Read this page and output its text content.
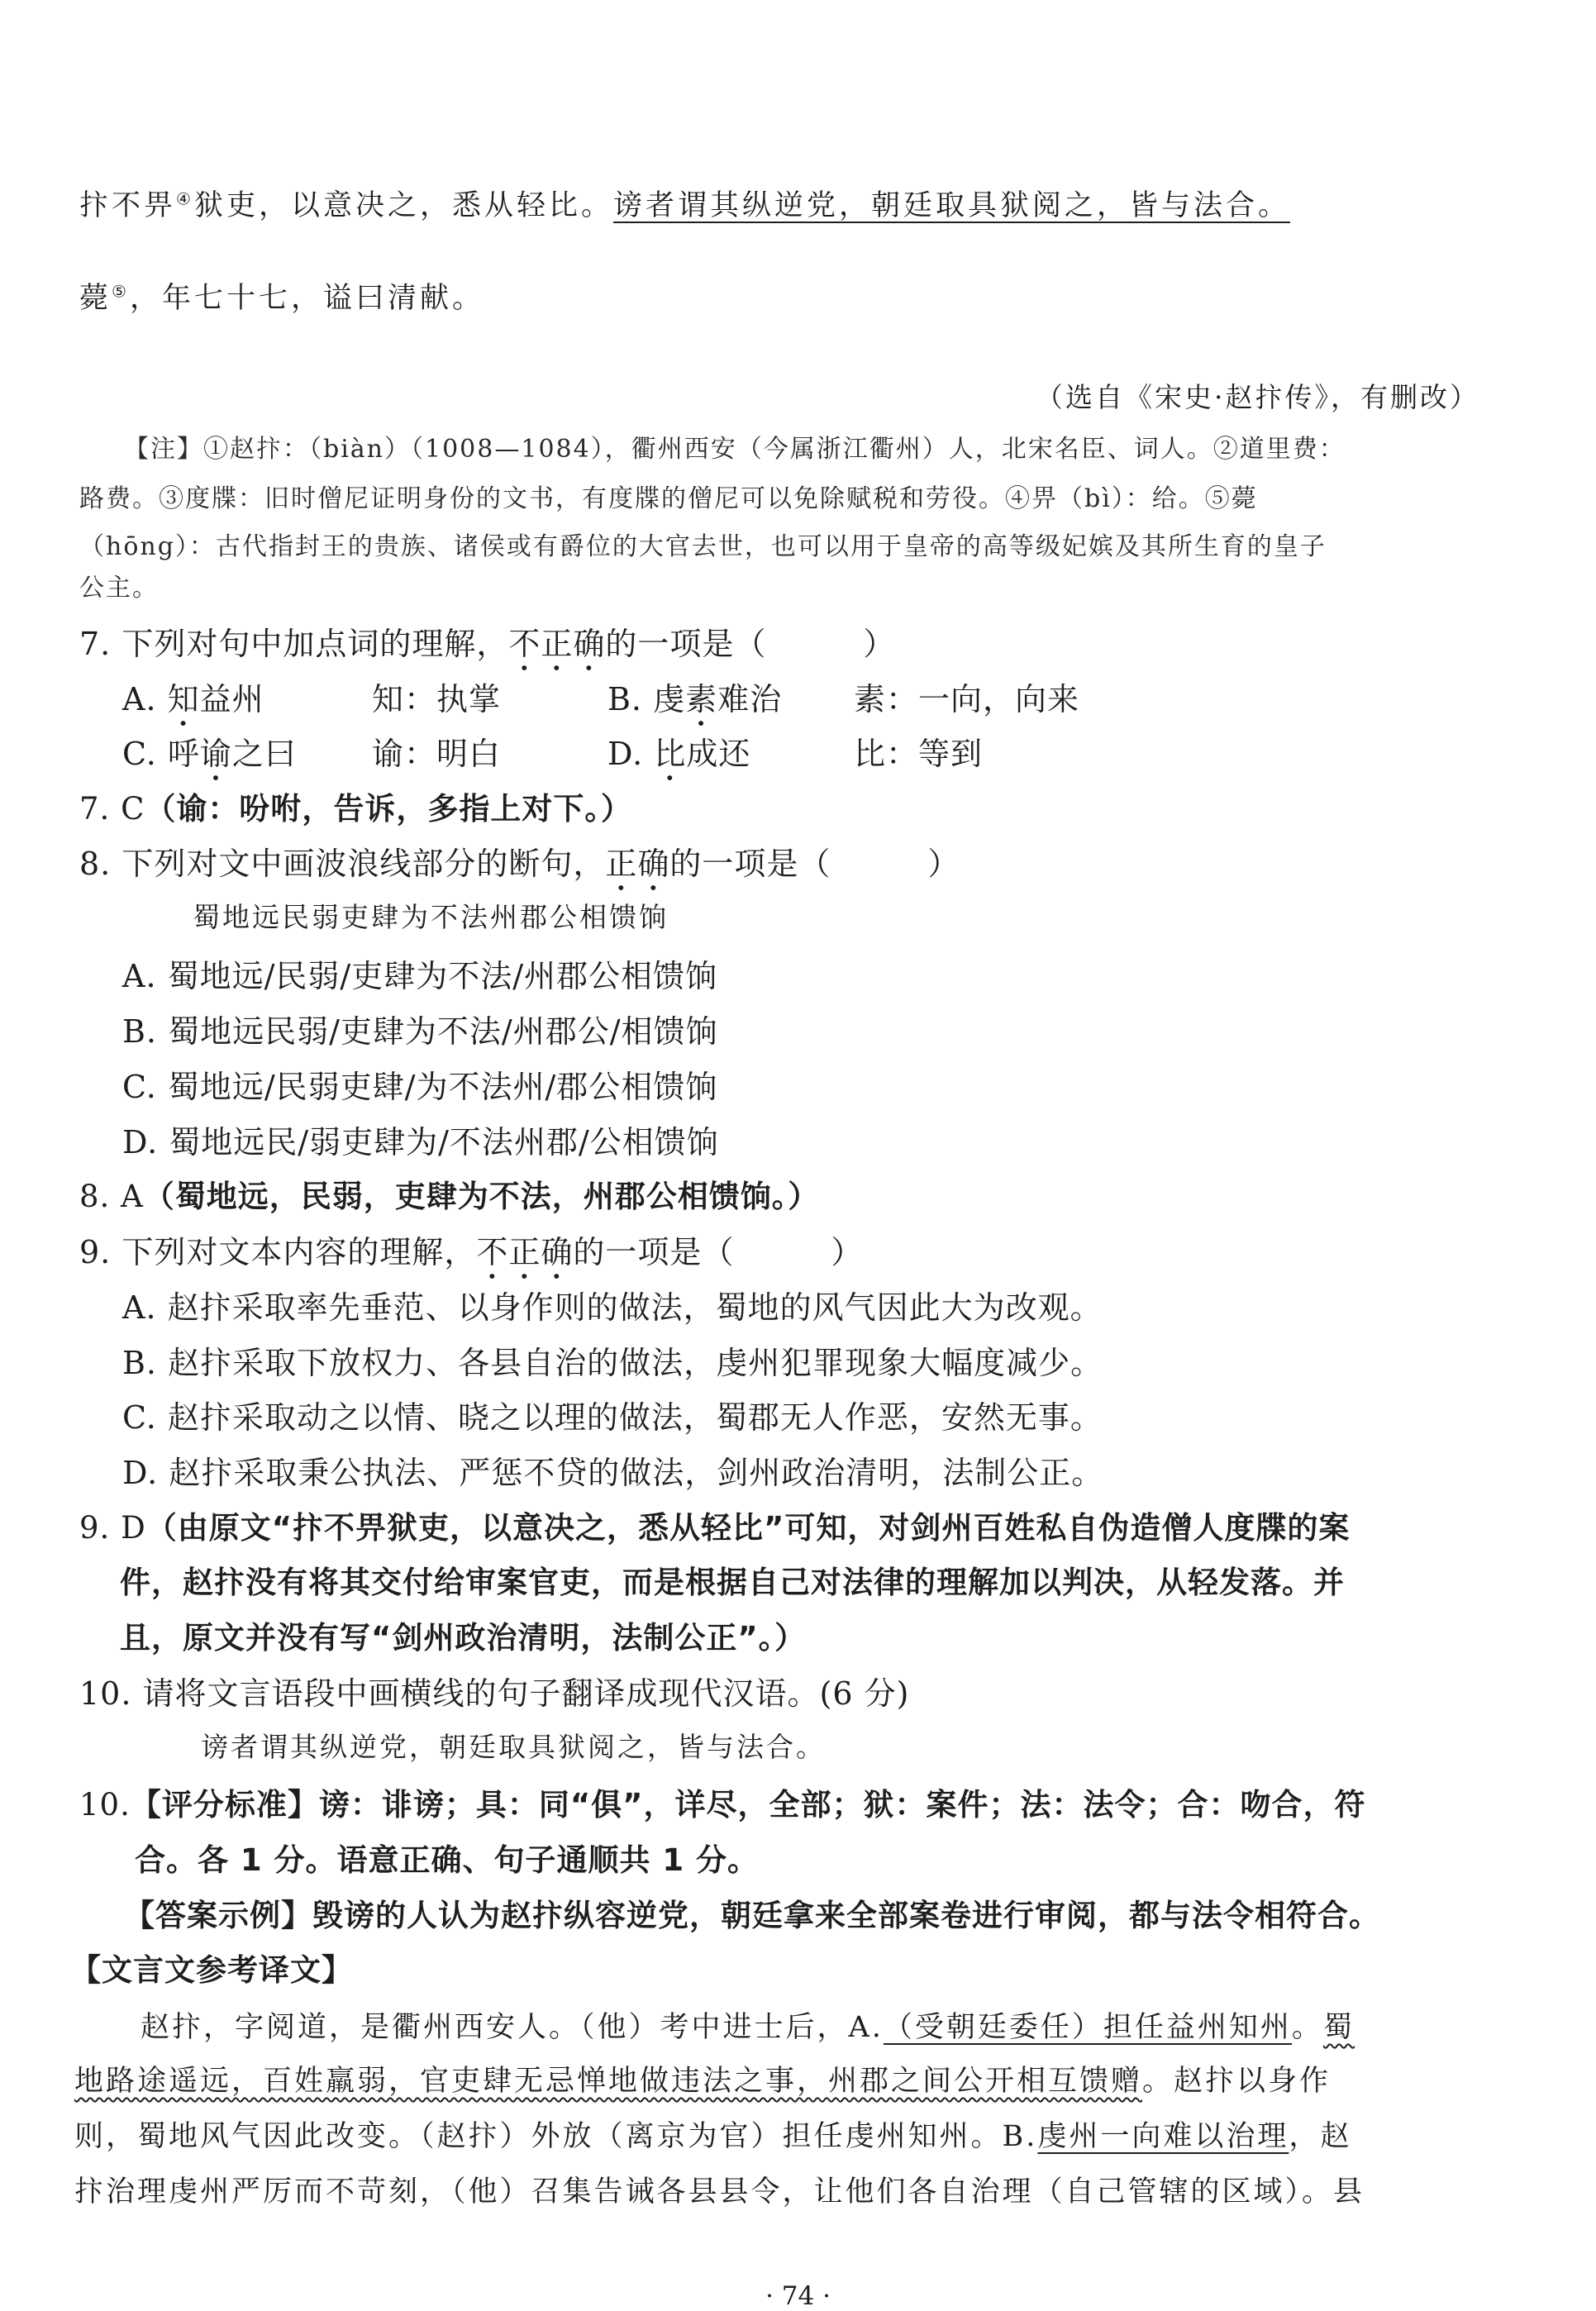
抃不畀④狱吏，以意决之，悉从轻比。谤者谓其纵逆党，朝廷取具狱阅之，皆与法合。
薨⑤，年七十七，谥曰清献。
（选自《宋史·赵抃传》，有删改）
【注】①赵抃：（biàn）（1008—1084），衢州西安（今属浙江衢州）人，北宋名臣、词人。②道里费：
路费。③度牒：旧时僧尼证明身份的文书，有度牒的僧尼可以免除赋税和劳役。④畀（bì）：给。⑤薨
（hōng）：古代指封王的贵族、诸侯或有爵位的大官去世，也可以用于皇帝的高等级妃嫔及其所生育的皇子
公主。
7. 下列对句中加点词的理解，不正确的一项是（　　　）
A. 知益州	知：执掌	B. 虔素难治 素：一向，向来
C. 呼谕之曰 谕：明白	D. 比成还	比：等到
7. C（谕：吩咐，告诉，多指上对下。）
8. 下列对文中画波浪线部分的断句，正确的一项是（　　　）
蜀地远民弱吏肆为不法州郡公相馈饷
A. 蜀地远/民弱/吏肆为不法/州郡公相馈饷
B. 蜀地远民弱/吏肆为不法/州郡公/相馈饷
C. 蜀地远/民弱吏肆/为不法州/郡公相馈饷
D. 蜀地远民/弱吏肆为/不法州郡/公相馈饷
8. A（蜀地远，民弱，吏肆为不法，州郡公相馈饷。）
9. 下列对文本内容的理解，不正确的一项是（　　　）
A. 赵抃采取率先垂范、以身作则的做法，蜀地的风气因此大为改观。
B. 赵抃采取下放权力、各县自治的做法，虔州犯罪现象大幅度减少。
C. 赵抃采取动之以情、晓之以理的做法，蜀郡无人作恶，安然无事。
D. 赵抃采取秉公执法、严惩不贷的做法，剑州政治清明，法制公正。
9. D（由原文“抃不畀狱吏，以意决之，悉从轻比”可知，对剑州百姓私自伪造僧人度牒的案
件，赵抃没有将其交付给审案官吏，而是根据自己对法律的理解加以判决，从轻发落。并
且，原文并没有写“剑州政治清明，法制公正”。）
10. 请将文言语段中画横线的句子翻译成现代汉语。(6 分)
谤者谓其纵逆党，朝廷取具狱阅之，皆与法合。
10.【评分标准】谤：诽谤；具：同“俱”，详尽，全部；狱：案件；法：法令；合：吻合，符
合。各 1 分。语意正确、句子通顺共 1 分。
【答案示例】毁谤的人认为赵抃纵容逆党，朝廷拿来全部案卷进行审阅，都与法令相符合。
【文言文参考译文】
赵抃，字阅道，是衢州西安人。（他）考中进士后，A.（受朝廷委任）担任益州知州。蜀
地路途遥远，百姓羸弱，官吏肆无忌惮地做违法之事，州郡之间公开相互馈赠。赵抃以身作
则，蜀地风气因此改变。（赵抃）外放（离京为官）担任虔州知州。B.虔州一向难以治理，赵
抃治理虔州严厉而不苛刻，（他）召集告诫各县县令，让他们各自治理（自己管辖的区域）。县
· 74 ·
